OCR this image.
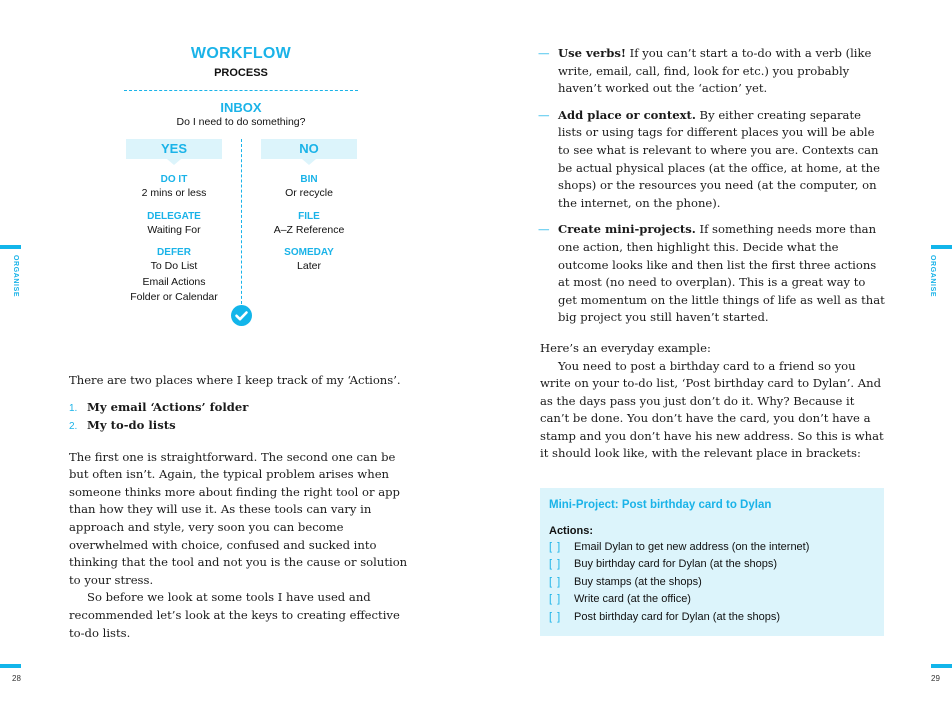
ORGANISE
28
ORGANISE
29
WORKFLOW
PROCESS
INBOX
Do I need to do something?
YES
DO IT
2 mins or less
DELEGATE
Waiting For
DEFER
To Do List
Email Actions
Folder or Calendar
NO
BIN
Or recycle
FILE
A–Z Reference
SOMEDAY
Later

There are two places where I keep track of my ‘Actions’.

1. My email ‘Actions’ folder
2. My to-do lists

The first one is straightforward. The second one can be but often isn’t. Again, the typical problem arises when someone thinks more about finding the right tool or app than how they will use it. As these tools can vary in approach and style, very soon you can become overwhelmed with choice, confused and sucked into thinking that the tool and not you is the cause or solution to your stress.

So before we look at some tools I have used and recommended let’s look at the keys to creating effective to-do lists.

— Use verbs! If you can’t start a to-do with a verb (like write, email, call, find, look for etc.) you probably haven’t worked out the ‘action’ yet.
— Add place or context. By either creating separate lists or using tags for different places you will be able to see what is relevant to where you are. Contexts can be actual physical places (at the office, at home, at the shops) or the resources you need (at the computer, on the internet, on the phone).
— Create mini-projects. If something needs more than one action, then highlight this. Decide what the outcome looks like and then list the first three actions at most (no need to overplan). This is a great way to get momentum on the little things of life as well as that big project you still haven’t started.

Here’s an everyday example:

You need to post a birthday card to a friend so you write on your to-do list, ‘Post birthday card to Dylan’. And as the days pass you just don’t do it. Why? Because it can’t be done. You don’t have the card, you don’t have a stamp and you don’t have his new address. So this is what it should look like, with the relevant place in brackets:

Mini-Project: Post birthday card to Dylan
Actions:
[ ] Email Dylan to get new address (on the internet)
[ ] Buy birthday card for Dylan (at the shops)
[ ] Buy stamps (at the shops)
[ ] Write card (at the office)
[ ] Post birthday card for Dylan (at the shops)
